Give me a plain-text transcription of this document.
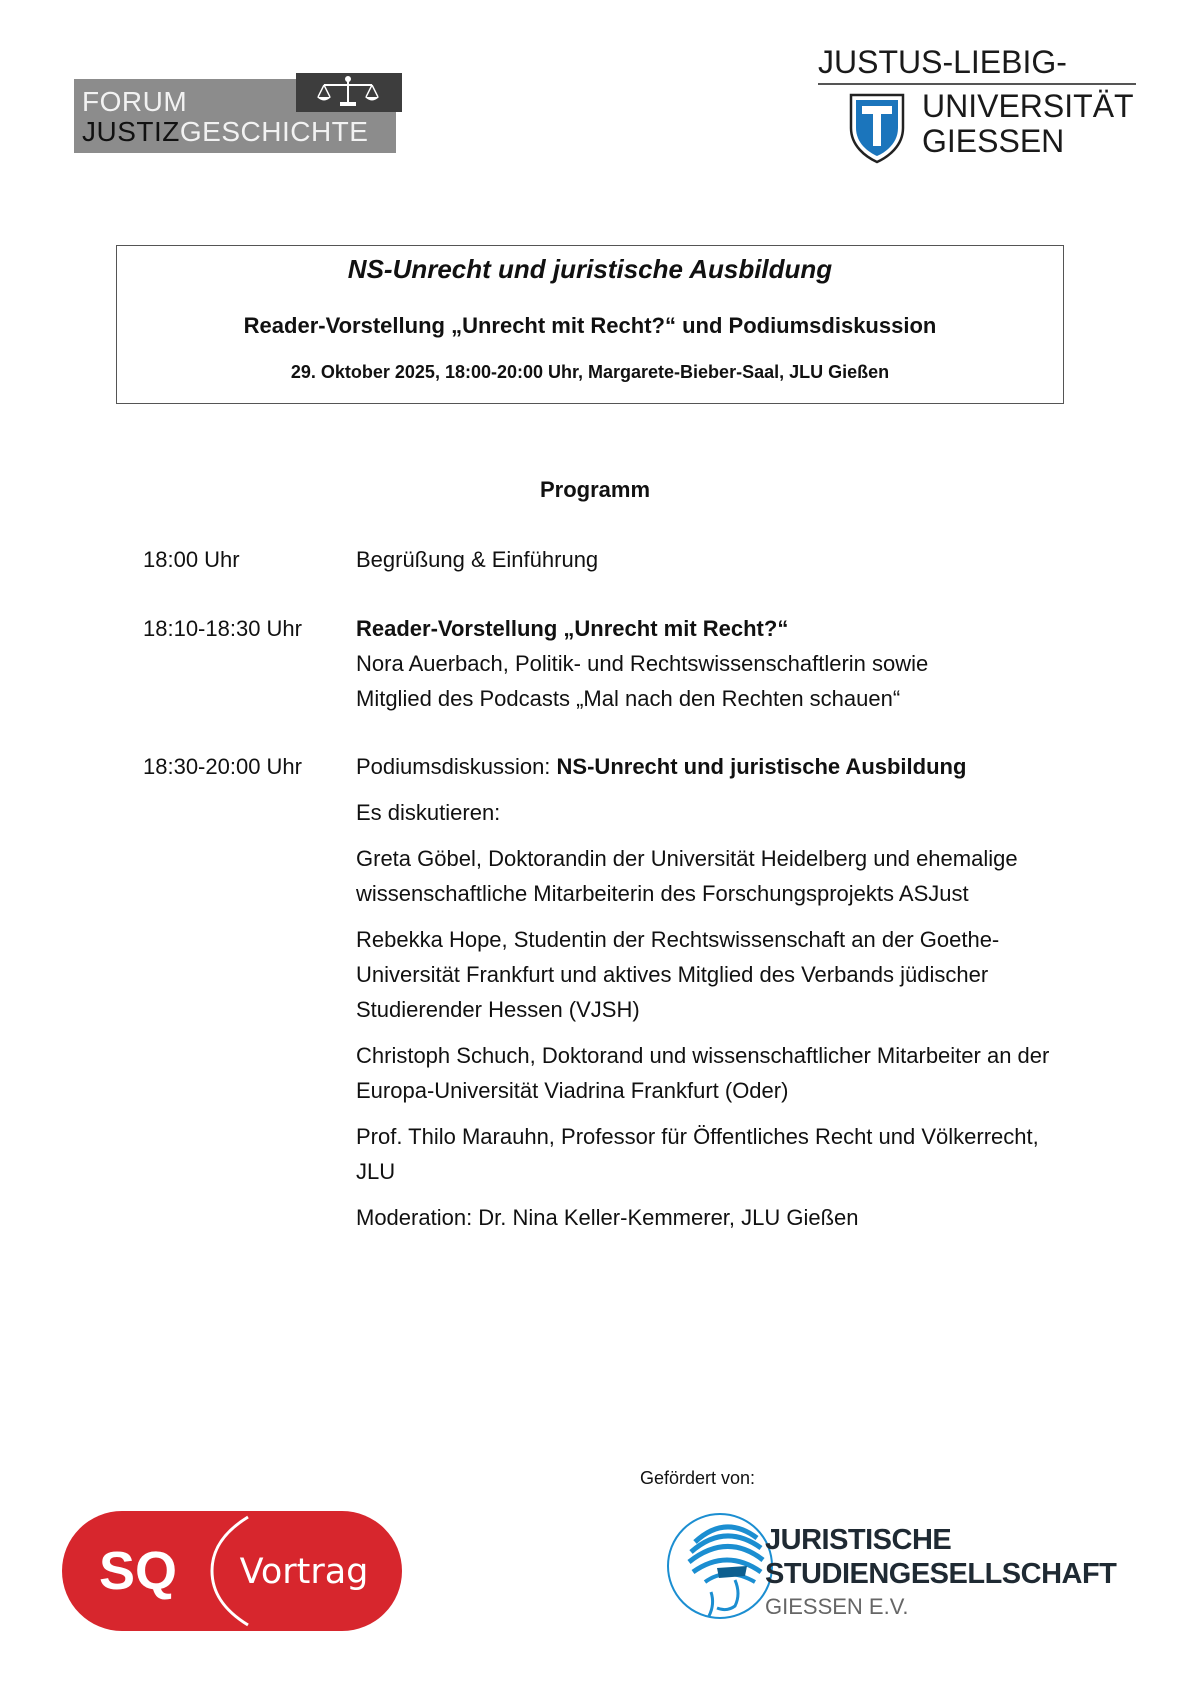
FORUM
JUSTIZGESCHICHTE
JUSTUS-LIEBIG-
UNIVERSITÄT
GIESSEN
NS-Unrecht und juristische Ausbildung
Reader-Vorstellung „Unrecht mit Recht?“ und Podiumsdiskussion
29. Oktober 2025, 18:00-20:00 Uhr, Margarete-Bieber-Saal, JLU Gießen
Programm
18:00 Uhr	Begrüßung & Einführung

18:10-18:30 Uhr Reader-Vorstellung „Unrecht mit Recht?“

Nora Auerbach, Politik- und Rechtswissenschaftlerin sowie

Mitglied des Podcasts „Mal nach den Rechten schauen“

18:30-20:00 Uhr Podiumsdiskussion: NS-Unrecht und juristische Ausbildung

Es diskutieren:

Greta Göbel, Doktorandin der Universität Heidelberg und ehemalige wissenschaftliche Mitarbeiterin des Forschungsprojekts ASJust

Rebekka Hope, Studentin der Rechtswissenschaft an der Goethe-Universität Frankfurt und aktives Mitglied des Verbands jüdischer Studierender Hessen (VJSH)

Christoph Schuch, Doktorand und wissenschaftlicher Mitarbeiter an der Europa-Universität Viadrina Frankfurt (Oder)

Prof. Thilo Marauhn, Professor für Öffentliches Recht und Völkerrecht, JLU

Moderation: Dr. Nina Keller-Kemmerer, JLU Gießen

Gefördert von:
SQ Vortrag
JURISTISCHE
STUDIENGESELLSCHAFT
GIESSEN E.V.
